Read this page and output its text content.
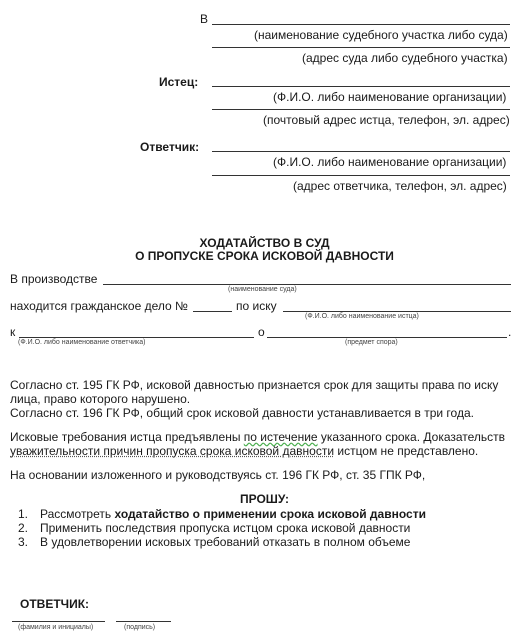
В
(наименование судебного участка либо суда)
(адрес суда либо судебного участка)
Истец:
(Ф.И.О. либо наименование организации)
(почтовый адрес истца, телефон, эл. адрес)
Ответчик:
(Ф.И.О. либо наименование организации)
(адрес ответчика, телефон, эл. адрес)
ХОДАТАЙСТВО В СУД
О ПРОПУСКЕ СРОКА ИСКОВОЙ ДАВНОСТИ
В производстве
(наименование суда)
находится гражданское дело №	по иску
(Ф.И.О. либо наименование истца)
к
(Ф.И.О. либо наименование ответчика)
о	.
(предмет спора)
Согласно ст. 195 ГК РФ, исковой давностью признается срок для защиты права по иску
лица, право которого нарушено.
Согласно ст. 196 ГК РФ, общий срок исковой давности устанавливается в три года.
Исковые требования истца предъявлены по истечение указанного срока. Доказательств
уважительности причин пропуска срока исковой давности истцом не представлено.
На основании изложенного и руководствуясь ст. 196 ГК РФ, ст. 35 ГПК РФ,
ПРОШУ:
1. Рассмотреть ходатайство о применении срока исковой давности
2. Применить последствия пропуска истцом срока исковой давности
3. В удовлетворении исковых требований отказать в полном объеме
ОТВЕТЧИК:
(фамилия и инициалы)	(подпись)
